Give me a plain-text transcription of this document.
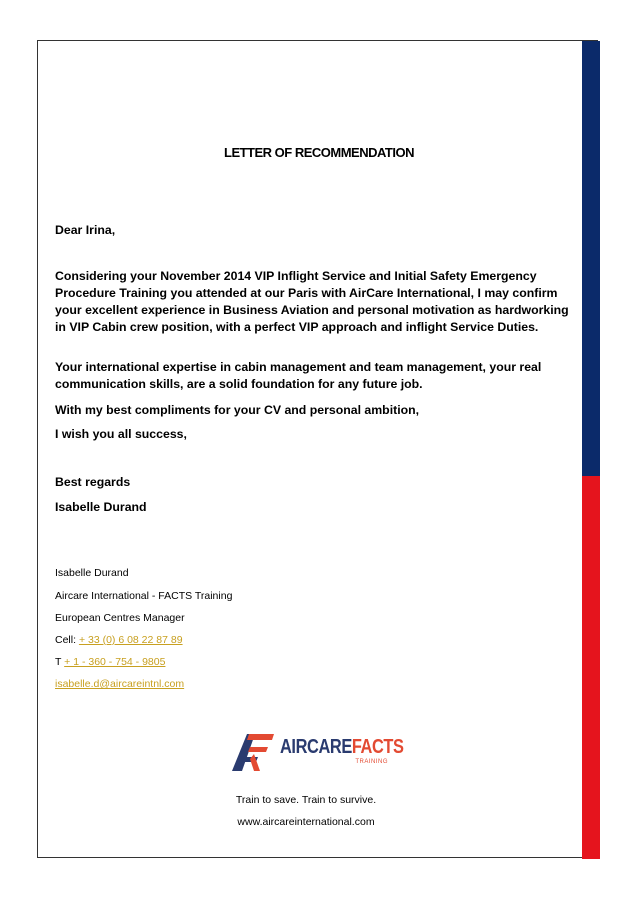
LETTER OF RECOMMENDATION
Dear Irina,
Considering your November 2014 VIP Inflight Service and Initial Safety Emergency Procedure Training you attended at our Paris with AirCare International, I may confirm your excellent experience in Business Aviation and personal motivation as hardworking in VIP Cabin crew position, with a perfect VIP approach and inflight Service Duties.
Your international expertise in cabin management and team management, your real communication skills, are a solid foundation for any future job.
With my best compliments for your CV and personal ambition,
I wish you all success,
Best regards
Isabelle Durand
Isabelle Durand
Aircare International - FACTS Training
European Centres Manager
Cell: + 33 (0) 6 08 22 87 89
T + 1 - 360 - 754 - 9805
isabelle.d@aircareintnl.com
AIRCAREFACTS
TRAINING
Train to save. Train to survive.
www.aircareinternational.com
